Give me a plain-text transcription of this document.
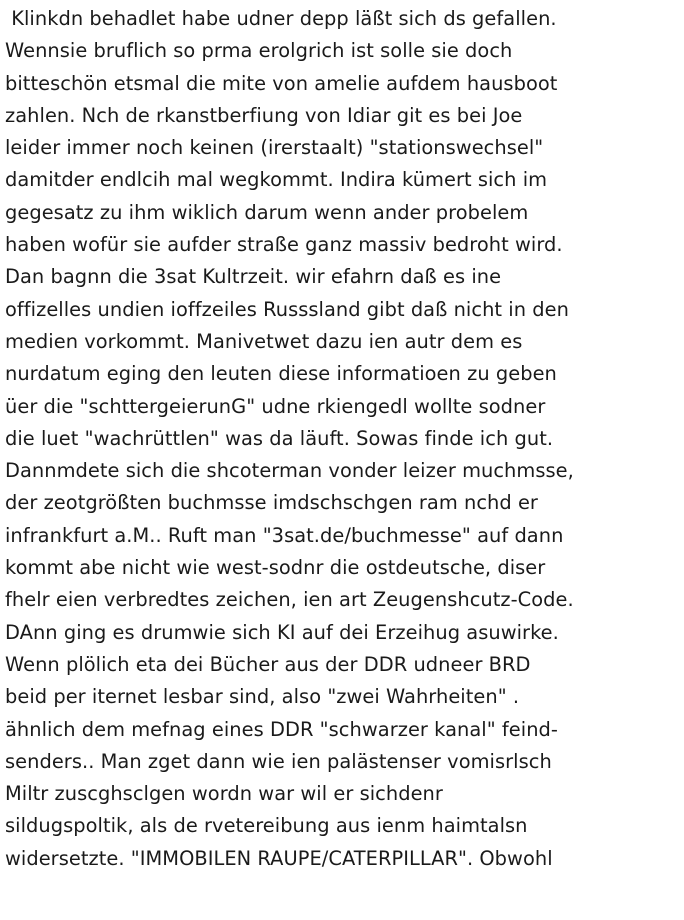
Klinkdn behadlet habe udner depp läßt sich ds gefallen.
Wennsie bruflich so prma erolgrich ist solle sie doch
bitteschön etsmal die mite von amelie aufdem hausboot
zahlen. Nch de rkanstberfiung von Idiar git es bei Joe
leider immer noch keinen (irerstaalt) "stationswechsel"
damitder endlcih mal wegkommt. Indira kümert sich im
gegesatz zu ihm wiklich darum wenn ander probelem
haben wofür sie aufder straße ganz massiv bedroht wird.
Dan bagnn die 3sat Kultrzeit. wir efahrn daß es ine
offizelles undien ioffzeiles Russsland gibt daß nicht in den
medien vorkommt. Manivetwet dazu ien autr dem es
nurdatum eging den leuten diese informatioen zu geben
üer die "schttergeierunG" udne rkiengedl wollte sodner
die luet "wachrüttlen" was da läuft. Sowas finde ich gut.
Dannmdete sich die shcoterman vonder leizer muchmsse,
der zeotgrößten buchmsse imdschschgen ram nchd er
infrankfurt a.M.. Ruft man "3sat.de/buchmesse" auf dann
kommt abe nicht wie west-sodnr die ostdeutsche, diser
fhelr eien verbredtes zeichen, ien art Zeugenshcutz-Code.
DAnn ging es drumwie sich KI auf dei Erzeihug asuwirke.
Wenn plölich eta dei Bücher aus der DDR udneer BRD
beid per iternet lesbar sind, also "zwei Wahrheiten" .
ähnlich dem mefnag eines DDR "schwarzer kanal" feind-
senders.. Man zget dann wie ien palästenser vomisrlsch
Miltr zuscghsclgen wordn war wil er sichdenr
sildugspoltik, als de rvetereibung aus ienm haimtalsn
widersetzte. "IMMOBILEN RAUPE/CATERPILLAR". Obwohl
